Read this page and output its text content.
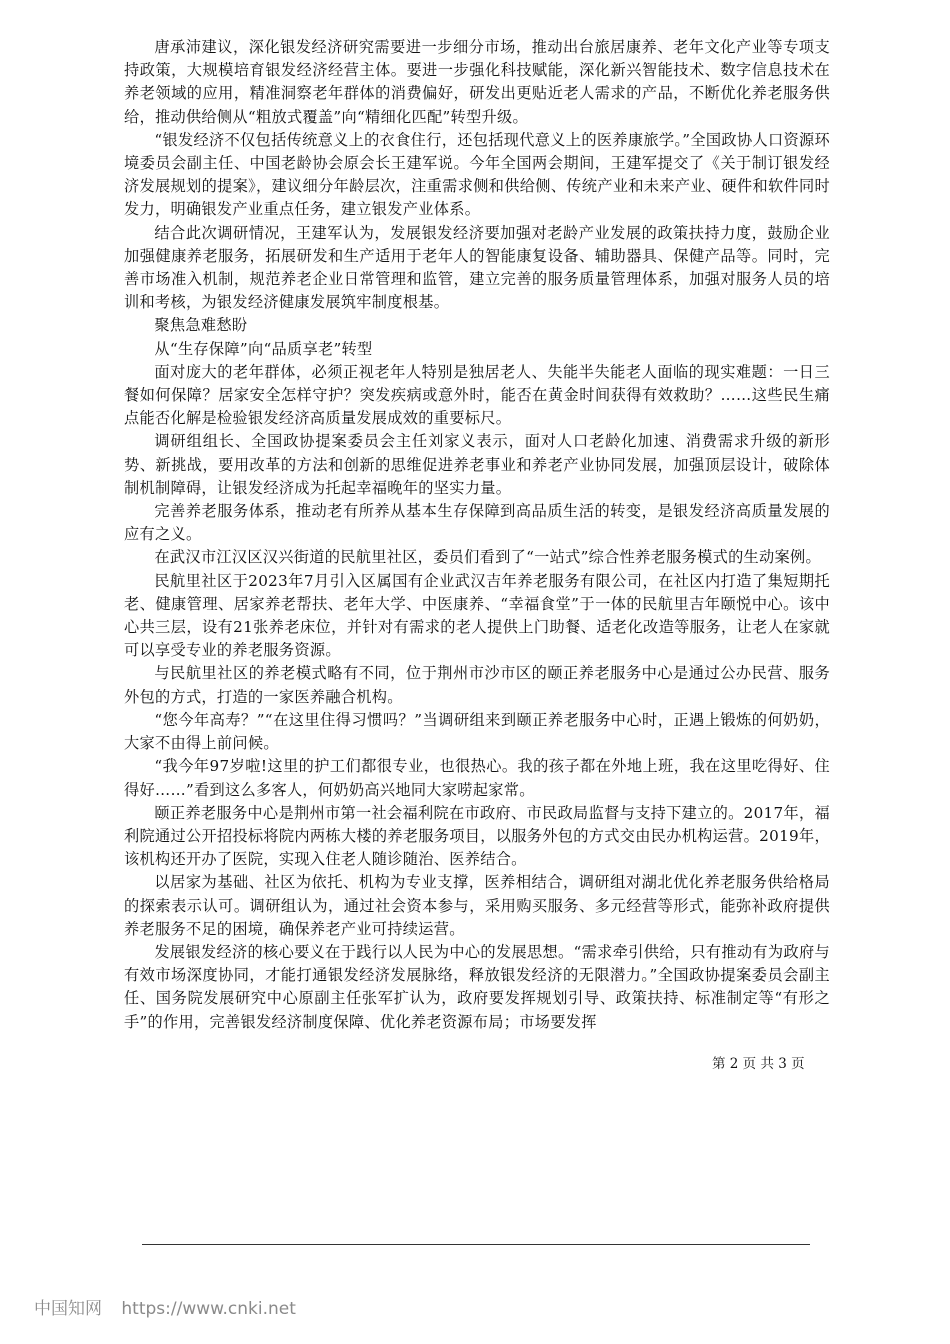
唐承沛建议，深化银发经济研究需要进一步细分市场，推动出台旅居康养、老年文化产业等专项支持政策，大规模培育银发经济经营主体。要进一步强化科技赋能，深化新兴智能技术、数字信息技术在养老领域的应用，精准洞察老年群体的消费偏好，研发出更贴近老人需求的产品，不断优化养老服务供给，推动供给侧从“粗放式覆盖”向“精细化匹配”转型升级。

“银发经济不仅包括传统意义上的衣食住行，还包括现代意义上的医养康旅学。”全国政协人口资源环境委员会副主任、中国老龄协会原会长王建军说。今年全国两会期间，王建军提交了《关于制订银发经济发展规划的提案》，建议细分年龄层次，注重需求侧和供给侧、传统产业和未来产业、硬件和软件同时发力，明确银发产业重点任务，建立银发产业体系。

结合此次调研情况，王建军认为，发展银发经济要加强对老龄产业发展的政策扶持力度，鼓励企业加强健康养老服务，拓展研发和生产适用于老年人的智能康复设备、辅助器具、保健产品等。同时，完善市场准入机制，规范养老企业日常管理和监管，建立完善的服务质量管理体系，加强对服务人员的培训和考核，为银发经济健康发展筑牢制度根基。

聚焦急难愁盼

从“生存保障”向“品质享老”转型

面对庞大的老年群体，必须正视老年人特别是独居老人、失能半失能老人面临的现实难题：一日三餐如何保障？居家安全怎样守护？突发疾病或意外时，能否在黄金时间获得有效救助？……这些民生痛点能否化解是检验银发经济高质量发展成效的重要标尺。

调研组组长、全国政协提案委员会主任刘家义表示，面对人口老龄化加速、消费需求升级的新形势、新挑战，要用改革的方法和创新的思维促进养老事业和养老产业协同发展，加强顶层设计，破除体制机制障碍，让银发经济成为托起幸福晚年的坚实力量。

完善养老服务体系，推动老有所养从基本生存保障到高品质生活的转变，是银发经济高质量发展的应有之义。

在武汉市江汉区汉兴街道的民航里社区，委员们看到了“一站式”综合性养老服务模式的生动案例。

民航里社区于2023年7月引入区属国有企业武汉吉年养老服务有限公司，在社区内打造了集短期托老、健康管理、居家养老帮扶、老年大学、中医康养、“幸福食堂”于一体的民航里吉年颐悦中心。该中心共三层，设有21张养老床位，并针对有需求的老人提供上门助餐、适老化改造等服务，让老人在家就可以享受专业的养老服务资源。

与民航里社区的养老模式略有不同，位于荆州市沙市区的颐正养老服务中心是通过公办民营、服务外包的方式，打造的一家医养融合机构。

“您今年高寿？”“在这里住得习惯吗？”当调研组来到颐正养老服务中心时，正遇上锻炼的何奶奶，大家不由得上前问候。

“我今年97岁啦!这里的护工们都很专业，也很热心。我的孩子都在外地上班，我在这里吃得好、住得好……”看到这么多客人，何奶奶高兴地同大家唠起家常。

颐正养老服务中心是荆州市第一社会福利院在市政府、市民政局监督与支持下建立的。2017年，福利院通过公开招投标将院内两栋大楼的养老服务项目，以服务外包的方式交由民办机构运营。2019年，该机构还开办了医院，实现入住老人随诊随治、医养结合。

以居家为基础、社区为依托、机构为专业支撑，医养相结合，调研组对湖北优化养老服务供给格局的探索表示认可。调研组认为，通过社会资本参与，采用购买服务、多元经营等形式，能弥补政府提供养老服务不足的困境，确保养老产业可持续运营。

发展银发经济的核心要义在于践行以人民为中心的发展思想。“需求牵引供给，只有推动有为政府与有效市场深度协同，才能打通银发经济发展脉络，释放银发经济的无限潜力。”全国政协提案委员会副主任、国务院发展研究中心原副主任张军扩认为，政府要发挥规划引导、政策扶持、标准制定等“有形之手”的作用，完善银发经济制度保障、优化养老资源布局；市场要发挥

第 2 页 共 3 页
中国知网 https://www.cnki.net
